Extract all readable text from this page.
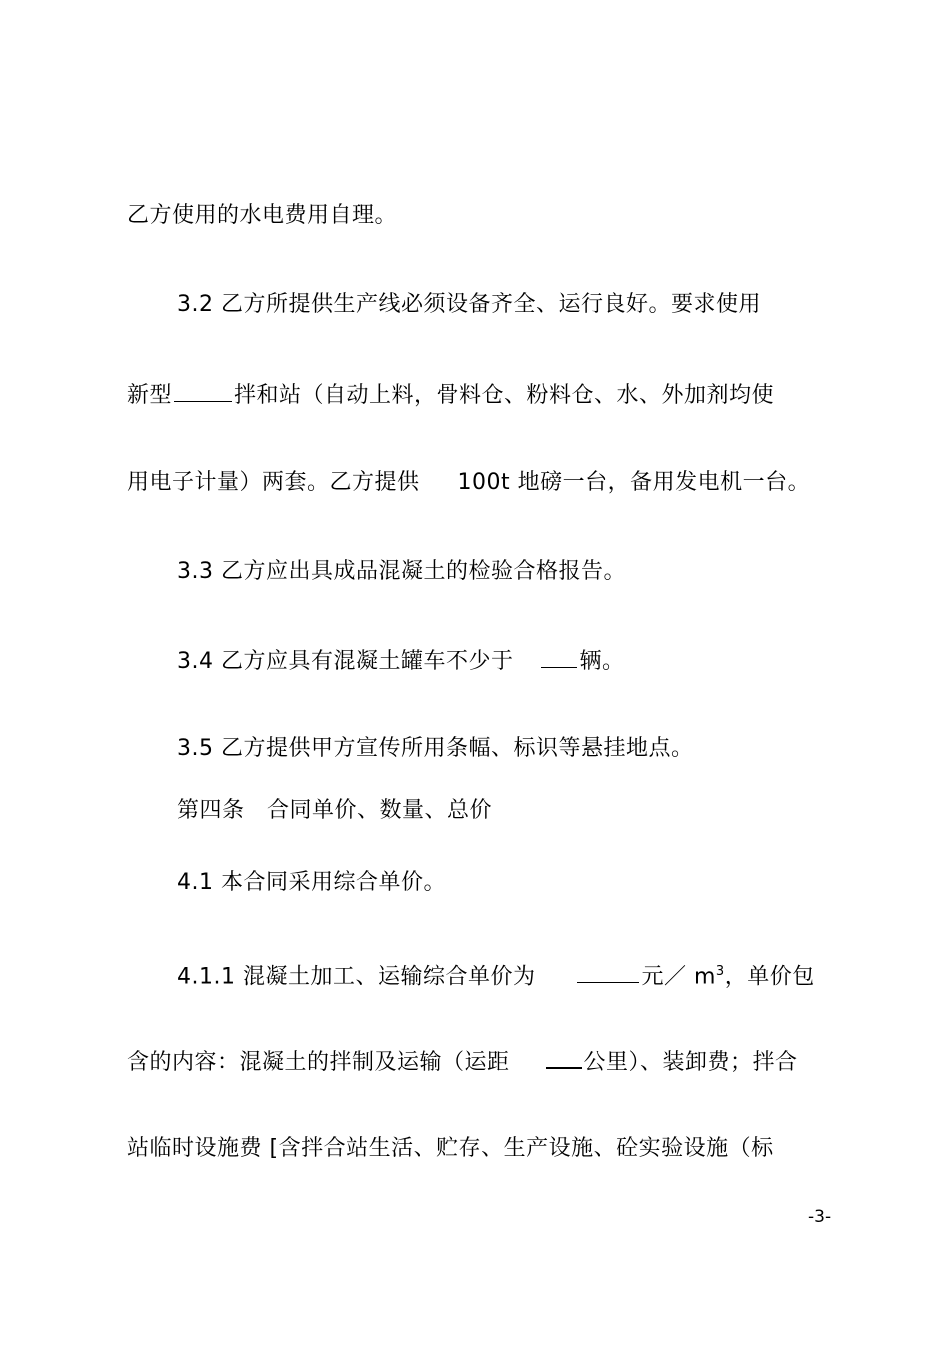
乙方使用的水电费用自理。
3.2 乙方所提供生产线必须设备齐全、运行良好。要求使用
新型	拌和站（自动上料，骨料仓、粉料仓、水、外加剂均使
用电子计量）两套。乙方提供 100t 地磅一台，备用发电机一台。
3.3 乙方应出具成品混凝土的检验合格报告。
3.4 乙方应具有混凝土罐车不少于	辆。
3.5 乙方提供甲方宣传所用条幅、标识等悬挂地点。
第四条　合同单价、数量、总价
4.1 本合同采用综合单价。
4.1.1 混凝土加工、运输综合单价为	元／ $m^3$，单价包
含的内容：混凝土的拌制及运输（运距	公里）、装卸费；拌合
站临时设施费 [含拌合站生活、贮存、生产设施、砼实验设施（标
-3-
